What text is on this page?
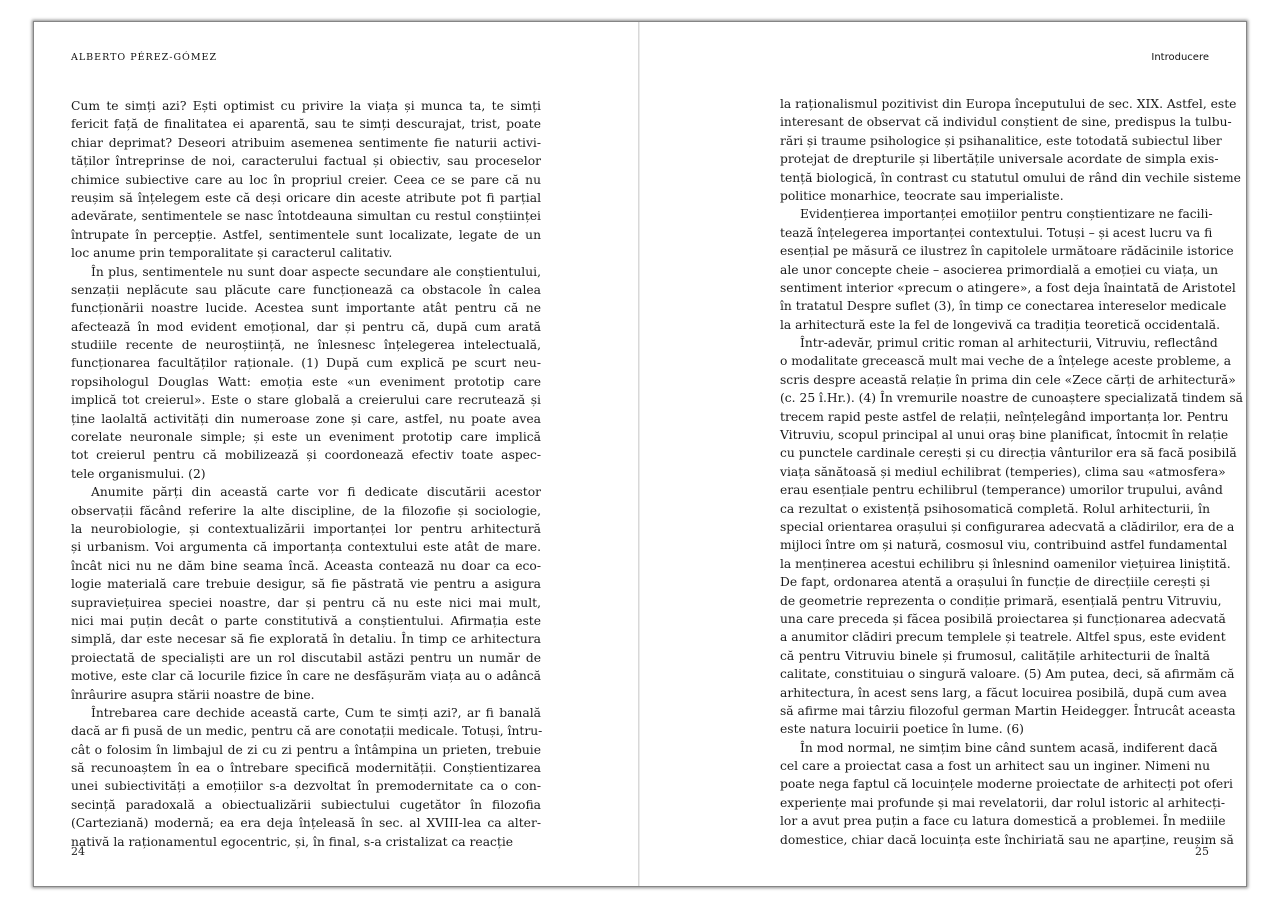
ALBERTO PÉREZ-GÓMEZ
Cum te simți azi? Ești optimist cu privire la viața și munca ta, te simți
fericit față de finalitatea ei aparentă, sau te simți descurajat, trist, poate
chiar deprimat? Deseori atribuim asemenea sentimente fie naturii activi-
tăților întreprinse de noi, caracterului factual și obiectiv, sau proceselor
chimice subiective care au loc în propriul creier. Ceea ce se pare că nu
reușim să înțelegem este că deși oricare din aceste atribute pot fi parțial
adevărate, sentimentele se nasc întotdeauna simultan cu restul conștiinței
întrupate în percepție. Astfel, sentimentele sunt localizate, legate de un
loc anume prin temporalitate și caracterul calitativ.
În plus, sentimentele nu sunt doar aspecte secundare ale conștientului,
senzații neplăcute sau plăcute care funcționează ca obstacole în calea
funcționării noastre lucide. Acestea sunt importante atât pentru că ne
afectează în mod evident emoțional, dar și pentru că, după cum arată
studiile recente de neuroștiință, ne înlesnesc înțelegerea intelectuală,
funcționarea facultăților raționale. (1) După cum explică pe scurt neu-
ropsihologul Douglas Watt: emoția este «un eveniment prototip care
implică tot creierul». Este o stare globală a creierului care recrutează și
ține laolaltă activități din numeroase zone și care, astfel, nu poate avea
corelate neuronale simple; și este un eveniment prototip care implică
tot creierul pentru că mobilizează și coordonează efectiv toate aspec-
tele organismului. (2)
Anumite părți din această carte vor fi dedicate discutării acestor
observații făcând referire la alte discipline, de la filozofie și sociologie,
la neurobiologie, și contextualizării importanței lor pentru arhitectură
și urbanism. Voi argumenta că importanța contextului este atât de mare.
încât nici nu ne dăm bine seama încă. Aceasta contează nu doar ca eco-
logie materială care trebuie desigur, să fie păstrată vie pentru a asigura
supraviețuirea speciei noastre, dar și pentru că nu este nici mai mult,
nici mai puțin decât o parte constitutivă a conștientului. Afirmația este
simplă, dar este necesar să fie explorată în detaliu. În timp ce arhitectura
proiectată de specialiști are un rol discutabil astăzi pentru un număr de
motive, este clar că locurile fizice în care ne desfășurăm viața au o adâncă
înrâurire asupra stării noastre de bine.
Întrebarea care dechide această carte, Cum te simți azi?, ar fi banală
dacă ar fi pusă de un medic, pentru că are conotații medicale. Totuși, întru-
cât o folosim în limbajul de zi cu zi pentru a întâmpina un prieten, trebuie
să recunoaștem în ea o întrebare specifică modernității. Conștientizarea
unei subiectivități a emoțiilor s-a dezvoltat în premodernitate ca o con-
secință paradoxală a obiectualizării subiectului cugetător în filozofia
(Carteziană) modernă; ea era deja înțeleasă în sec. al XVIII-lea ca alter-
nativă la raționamentul egocentric, și, în final, s-a cristalizat ca reacție
24
Introducere
la raționalismul pozitivist din Europa începutului de sec. XIX. Astfel, este
interesant de observat că individul conștient de sine, predispus la tulbu-
rări și traume psihologice și psihanalitice, este totodată subiectul liber
protejat de drepturile și libertățile universale acordate de simpla exis-
tență biologică, în contrast cu statutul omului de rând din vechile sisteme
politice monarhice, teocrate sau imperialiste.
Evidențierea importanței emoțiilor pentru conștientizare ne facili-
tează înțelegerea importanței contextului. Totuși – și acest lucru va fi
esențial pe măsură ce ilustrez în capitolele următoare rădăcinile istorice
ale unor concepte cheie – asocierea primordială a emoției cu viața, un
sentiment interior «precum o atingere», a fost deja înaintată de Aristotel
în tratatul Despre suflet (3), în timp ce conectarea intereselor medicale
la arhitectură este la fel de longevivă ca tradiția teoretică occidentală.
Într-adevăr, primul critic roman al arhitecturii, Vitruviu, reflectând
o modalitate grecească mult mai veche de a înțelege aceste probleme, a
scris despre această relație în prima din cele «Zece cărți de arhitectură»
(c. 25 î.Hr.). (4) În vremurile noastre de cunoaștere specializată tindem să
trecem rapid peste astfel de relații, neînțelegând importanța lor. Pentru
Vitruviu, scopul principal al unui oraș bine planificat, întocmit în relație
cu punctele cardinale cerești și cu direcția vânturilor era să facă posibilă
viața sănătoasă și mediul echilibrat (temperies), clima sau «atmosfera»
erau esențiale pentru echilibrul (temperance) umorilor trupului, având
ca rezultat o existență psihosomatică completă. Rolul arhitecturii, în
special orientarea orașului și configurarea adecvată a clădirilor, era de a
mijloci între om și natură, cosmosul viu, contribuind astfel fundamental
la menținerea acestui echilibru și înlesnind oamenilor viețuirea liniștită.
De fapt, ordonarea atentă a orașului în funcție de direcțiile cerești și
de geometrie reprezenta o condiție primară, esențială pentru Vitruviu,
una care preceda și făcea posibilă proiectarea și funcționarea adecvată
a anumitor clădiri precum templele și teatrele. Altfel spus, este evident
că pentru Vitruviu binele și frumosul, calitățile arhitecturii de înaltă
calitate, constituiau o singură valoare. (5) Am putea, deci, să afirmăm că
arhitectura, în acest sens larg, a făcut locuirea posibilă, după cum avea
să afirme mai târziu filozoful german Martin Heidegger. Întrucât aceasta
este natura locuirii poetice în lume. (6)
În mod normal, ne simțim bine când suntem acasă, indiferent dacă
cel care a proiectat casa a fost un arhitect sau un inginer. Nimeni nu
poate nega faptul că locuințele moderne proiectate de arhitecți pot oferi
experiențe mai profunde și mai revelatorii, dar rolul istoric al arhitecți-
lor a avut prea puțin a face cu latura domestică a problemei. În mediile
domestice, chiar dacă locuința este închiriată sau ne aparține, reușim să
25
